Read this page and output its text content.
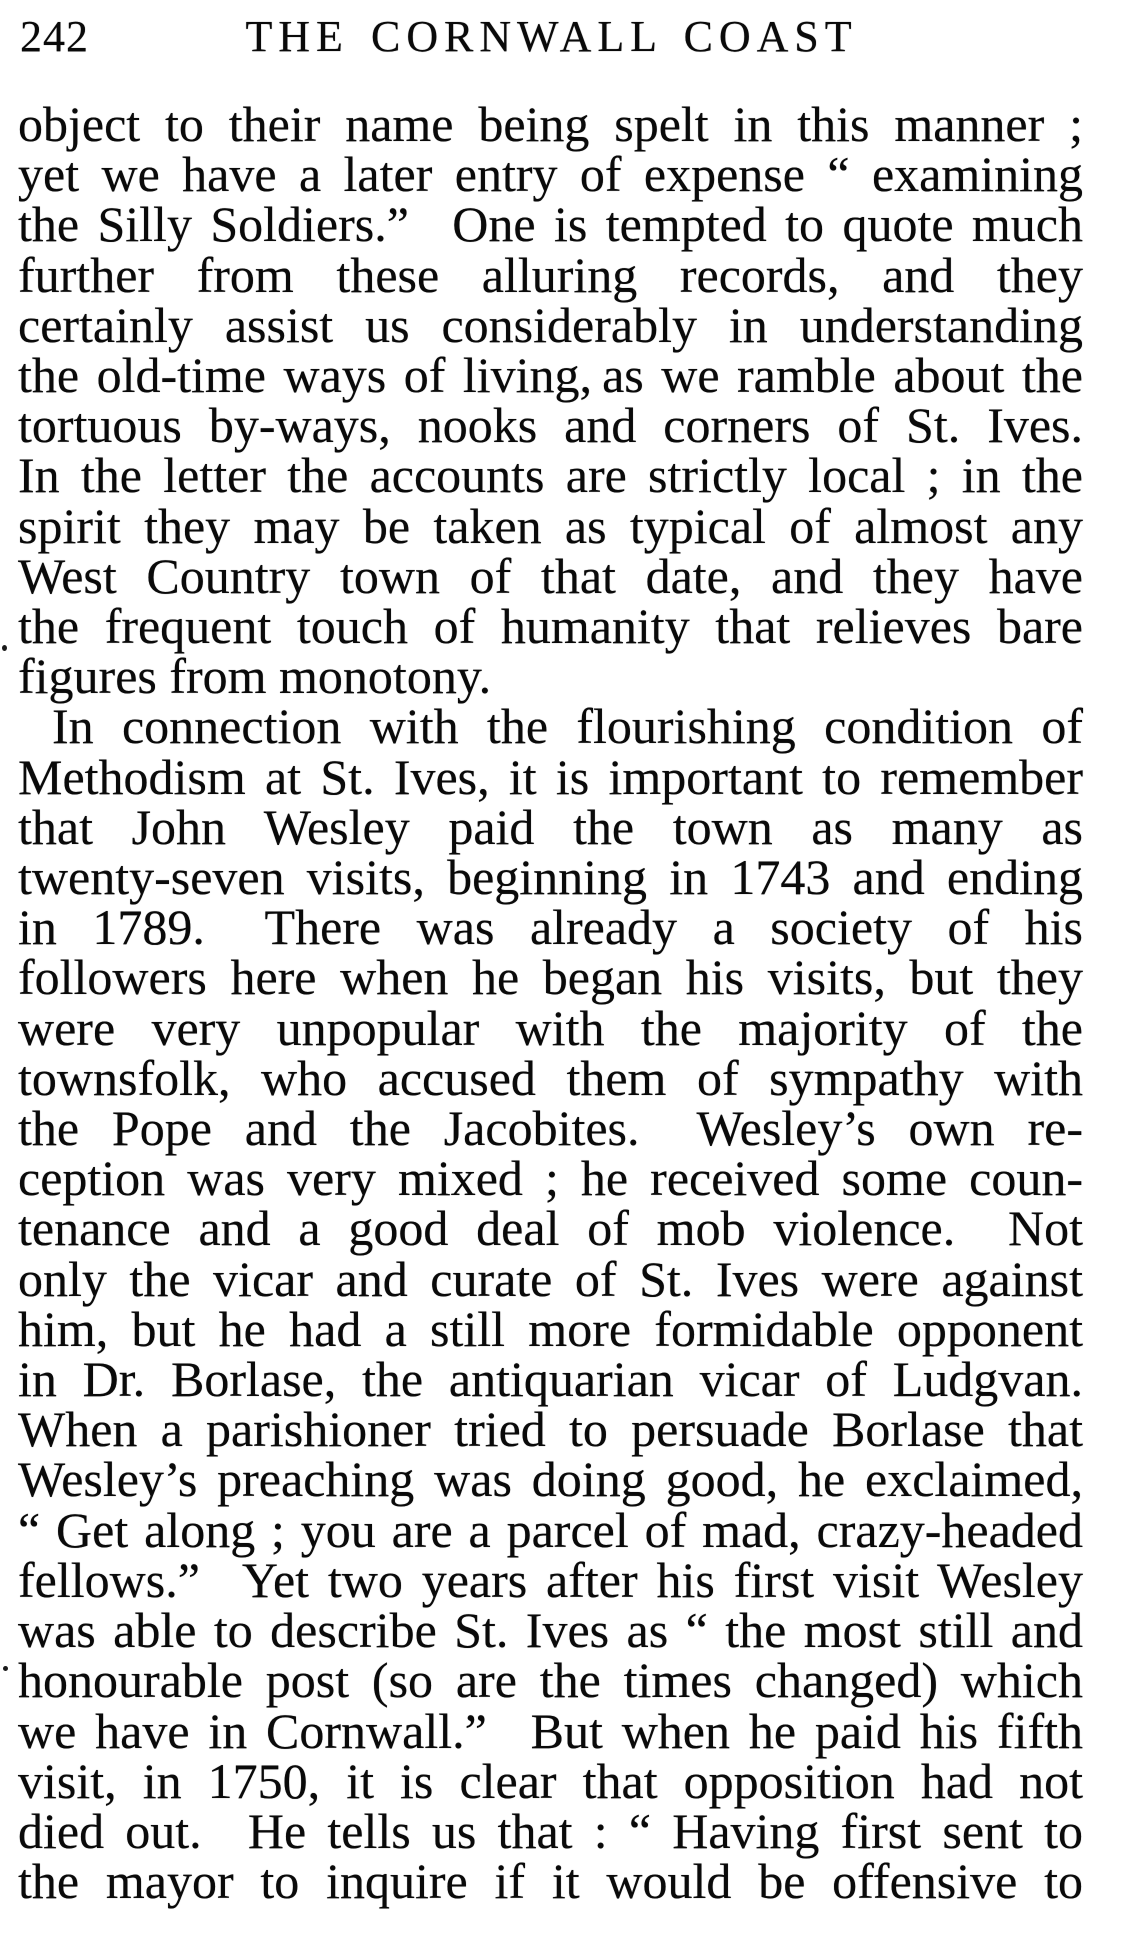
242	THE CORNWALL COAST
object to their name being spelt in this manner ;
yet we have a later entry of expense “ examining
the Silly Soldiers.”  One is tempted to quote much
further from these alluring records, and they
certainly assist us considerably in understanding
the old-time ways of living, as we ramble about the
tortuous by-ways, nooks and corners of St. Ives.
In the letter the accounts are strictly local ; in the
spirit they may be taken as typical of almost any
West Country town of that date, and they have
the frequent touch of humanity that relieves bare
figures from monotony.
In connection with the flourishing condition of
Methodism at St. Ives, it is important to remember
that John Wesley paid the town as many as
twenty-seven visits, beginning in 1743 and ending
in 1789.  There was already a society of his
followers here when he began his visits, but they
were very unpopular with the majority of the
townsfolk, who accused them of sympathy with
the Pope and the Jacobites.  Wesley’s own re-
ception was very mixed ; he received some coun-
tenance and a good deal of mob violence.  Not
only the vicar and curate of St. Ives were against
him, but he had a still more formidable opponent
in Dr. Borlase, the antiquarian vicar of Ludgvan.
When a parishioner tried to persuade Borlase that
Wesley’s preaching was doing good, he exclaimed,
“ Get along ; you are a parcel of mad, crazy-headed
fellows.”  Yet two years after his first visit Wesley
was able to describe St. Ives as “ the most still and
honourable post (so are the times changed) which
we have in Cornwall.”  But when he paid his fifth
visit, in 1750, it is clear that opposition had not
died out.  He tells us that : “ Having first sent to
the mayor to inquire if it would be offensive to
